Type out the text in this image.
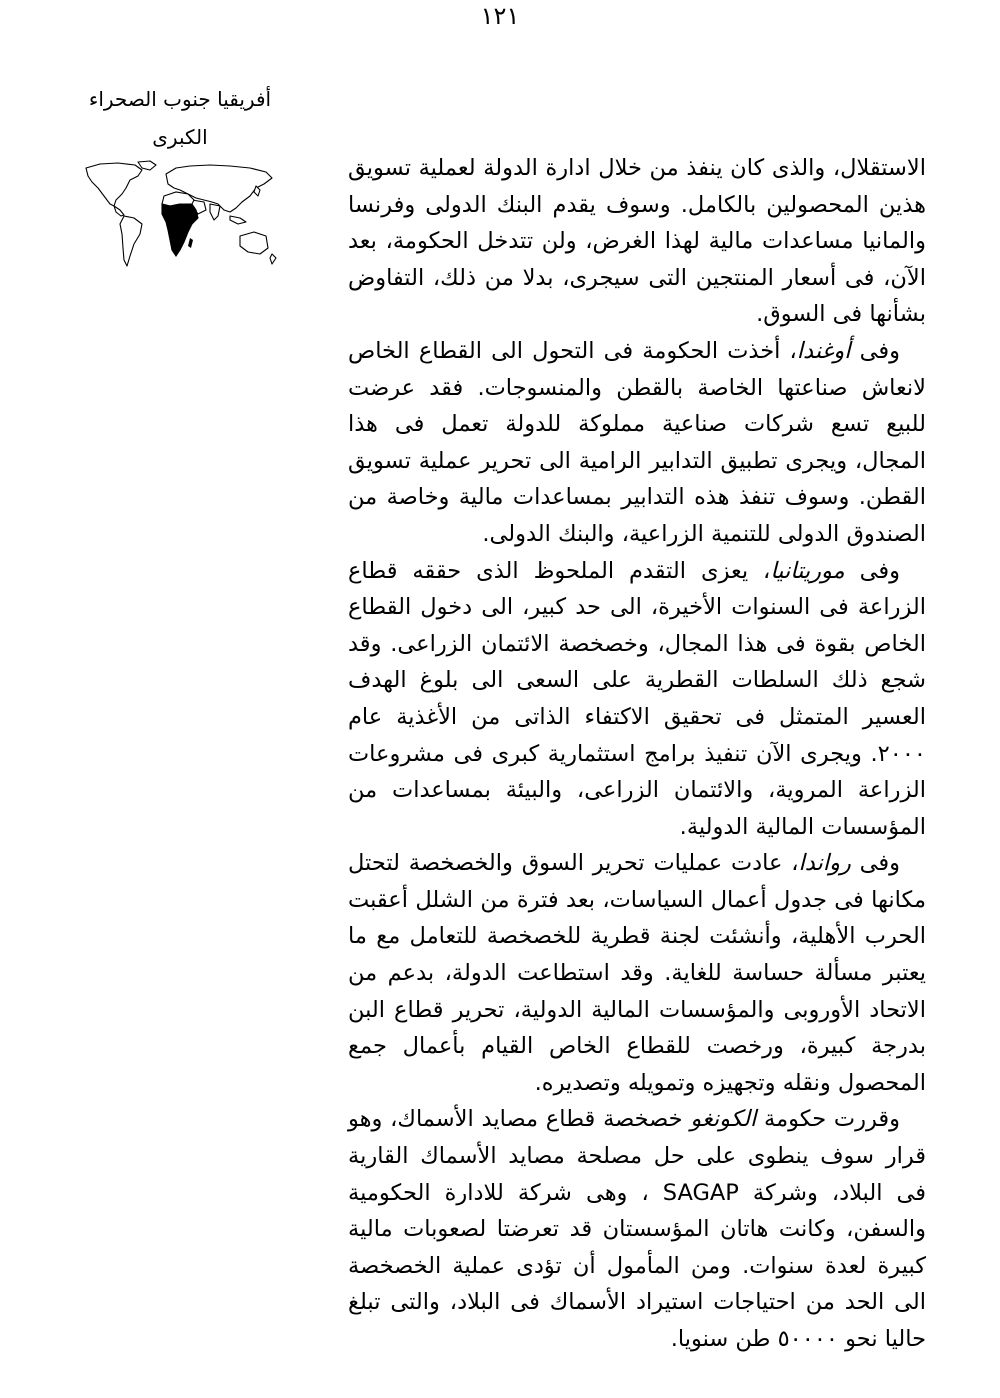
١٢١

أفريقيا جنوب الصحراء

الكبرى

الاستقلال، والذى كان ينفذ من خلال ادارة الدولة لعملية تسويق هذين المحصولين بالكامل. وسوف يقدم البنك الدولى وفرنسا والمانيا مساعدات مالية لهذا الغرض، ولن تتدخل الحكومة، بعد الآن، فى أسعار المنتجين التى سيجرى، بدلا من ذلك، التفاوض بشأنها فى السوق.

وفى أوغندا، أخذت الحكومة فى التحول الى القطاع الخاص لانعاش صناعتها الخاصة بالقطن والمنسوجات. فقد عرضت للبيع تسع شركات صناعية مملوكة للدولة تعمل فى هذا المجال، ويجرى تطبيق التدابير الرامية الى تحرير عملية تسويق القطن. وسوف تنفذ هذه التدابير بمساعدات مالية وخاصة من الصندوق الدولى للتنمية الزراعية، والبنك الدولى.

وفى موريتانيا، يعزى التقدم الملحوظ الذى حققه قطاع الزراعة فى السنوات الأخيرة، الى حد كبير، الى دخول القطاع الخاص بقوة فى هذا المجال، وخصخصة الائتمان الزراعى. وقد شجع ذلك السلطات القطرية على السعى الى بلوغ الهدف العسير المتمثل فى تحقيق الاكتفاء الذاتى من الأغذية عام ٢٠٠٠. ويجرى الآن تنفيذ برامج استثمارية كبرى فى مشروعات الزراعة المروية، والائتمان الزراعى، والبيئة بمساعدات من المؤسسات المالية الدولية.

وفى رواندا، عادت عمليات تحرير السوق والخصخصة لتحتل مكانها فى جدول أعمال السياسات، بعد فترة من الشلل أعقبت الحرب الأهلية، وأنشئت لجنة قطرية للخصخصة للتعامل مع ما يعتبر مسألة حساسة للغاية. وقد استطاعت الدولة، بدعم من الاتحاد الأوروبى والمؤسسات المالية الدولية، تحرير قطاع البن بدرجة كبيرة، ورخصت للقطاع الخاص القيام بأعمال جمع المحصول ونقله وتجهيزه وتمويله وتصديره.

وقررت حكومة الكونغو خصخصة قطاع مصايد الأسماك، وهو قرار سوف ينطوى على حل مصلحة مصايد الأسماك القارية فى البلاد، وشركة SAGAP ، وهى شركة للادارة الحكومية والسفن، وكانت هاتان المؤسستان قد تعرضتا لصعوبات مالية كبيرة لعدة سنوات. ومن المأمول أن تؤدى عملية الخصخصة الى الحد من احتياجات استيراد الأسماك فى البلاد، والتى تبلغ حاليا نحو ٥٠٠٠٠ طن سنويا.
